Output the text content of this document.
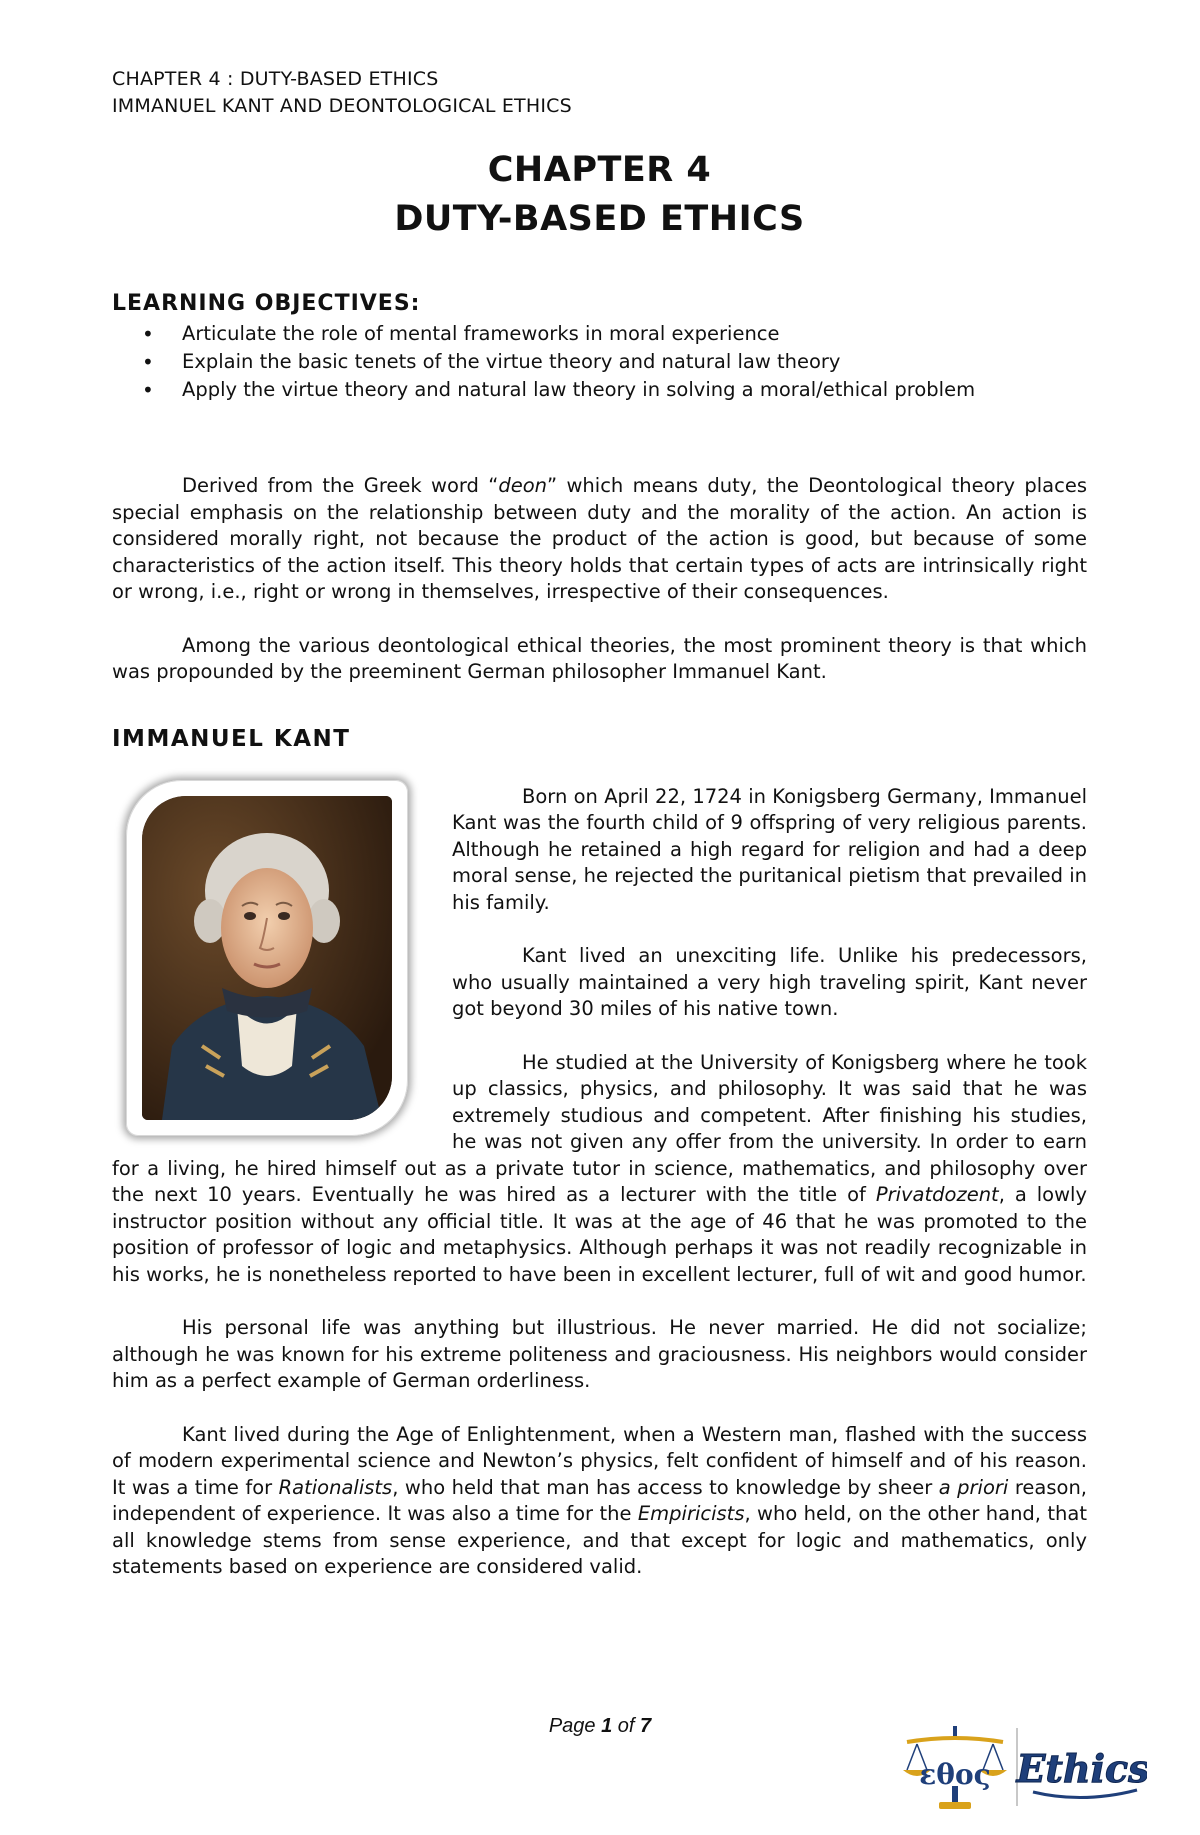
CHAPTER 4 : DUTY-BASED ETHICS
IMMANUEL KANT AND DEONTOLOGICAL ETHICS
CHAPTER 4
DUTY-BASED ETHICS
LEARNING OBJECTIVES:
• Articulate the role of mental frameworks in moral experience
• Explain the basic tenets of the virtue theory and natural law theory
• Apply the virtue theory and natural law theory in solving a moral/ethical problem

Derived from the Greek word “deon” which means duty, the Deontological theory places special emphasis on the relationship between duty and the morality of the action. An action is considered morally right, not because the product of the action is good, but because of some characteristics of the action itself. This theory holds that certain types of acts are intrinsically right or wrong, i.e., right or wrong in themselves, irrespective of their consequences.

Among the various deontological ethical theories, the most prominent theory is that which was propounded by the preeminent German philosopher Immanuel Kant.

IMMANUEL KANT

Born on April 22, 1724 in Konigsberg Germany, Immanuel Kant was the fourth child of 9 offspring of very religious parents. Although he retained a high regard for religion and had a deep moral sense, he rejected the puritanical pietism that prevailed in his family.

Kant lived an unexciting life. Unlike his predecessors, who usually maintained a very high traveling spirit, Kant never got beyond 30 miles of his native town.

He studied at the University of Konigsberg where he took up classics, physics, and philosophy. It was said that he was extremely studious and competent. After finishing his studies, he was not given any offer from the university. In order to earn for a living, he hired himself out as a private tutor in science, mathematics, and philosophy over the next 10 years. Eventually he was hired as a lecturer with the title of Privatdozent, a lowly instructor position without any official title. It was at the age of 46 that he was promoted to the position of professor of logic and metaphysics. Although perhaps it was not readily recognizable in his works, he is nonetheless reported to have been in excellent lecturer, full of wit and good humor.

His personal life was anything but illustrious. He never married. He did not socialize; although he was known for his extreme politeness and graciousness. His neighbors would consider him as a perfect example of German orderliness.

Kant lived during the Age of Enlightenment, when a Western man, flashed with the success of modern experimental science and Newton’s physics, felt confident of himself and of his reason. It was a time for Rationalists, who held that man has access to knowledge by sheer a priori reason, independent of experience. It was also a time for the Empiricists, who held, on the other hand, that all knowledge stems from sense experience, and that except for logic and mathematics, only statements based on experience are considered valid.

Page 1 of 7
εθος Ethics
